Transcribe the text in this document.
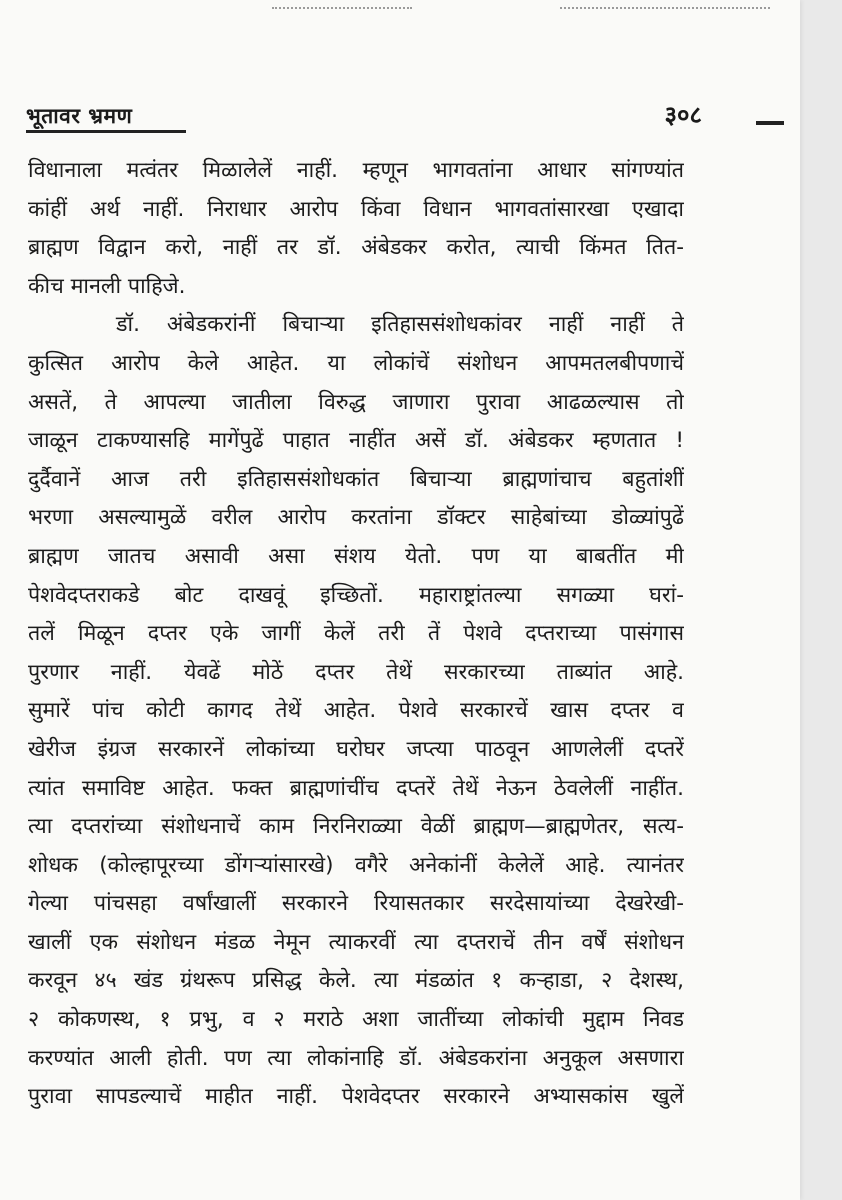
भूतावर भ्रमण	३०८
विधानाला मत्वंतर मिळालेलें नाहीं. म्हणून भागवतांना आधार सांगण्यांत
कांहीं अर्थ नाहीं. निराधार आरोप किंवा विधान भागवतांसारखा एखादा
ब्राह्मण विद्वान करो, नाहीं तर डॉ. अंबेडकर करोत, त्याची किंमत तित-
कीच मानली पाहिजे.
डॉ. अंबेडकरांनीं बिचाऱ्या इतिहाससंशोधकांवर नाहीं नाहीं ते
कुत्सित आरोप केले आहेत. या लोकांचें संशोधन आपमतलबीपणाचें
असतें, ते आपल्या जातीला विरुद्ध जाणारा पुरावा आढळल्यास तो
जाळून टाकण्यासहि मागेंपुढें पाहात नाहींत असें डॉ. अंबेडकर म्हणतात !
दुर्दैवानें आज तरी इतिहाससंशोधकांत बिचाऱ्या ब्राह्मणांचाच बहुतांशीं
भरणा असल्यामुळें वरील आरोप करतांना डॉक्टर साहेबांच्या डोळ्यांपुढें
ब्राह्मण जातच असावी असा संशय येतो. पण या बाबतींत मी
पेशवेदप्तराकडे बोट दाखवूं इच्छितों. महाराष्ट्रांतल्या सगळ्या घरां-
तलें मिळून दप्तर एके जागीं केलें तरी तें पेशवे दप्तराच्या पासंगास
पुरणार नाहीं. येवढें मोठें दप्तर तेथें सरकारच्या ताब्यांत आहे.
सुमारें पांच कोटी कागद तेथें आहेत. पेशवे सरकारचें खास दप्तर व
खेरीज इंग्रज सरकारनें लोकांच्या घरोघर जप्त्या पाठवून आणलेलीं दप्तरें
त्यांत समाविष्ट आहेत. फक्त ब्राह्मणांचींच दप्तरें तेथें नेऊन ठेवलेलीं नाहींत.
त्या दप्तरांच्या संशोधनाचें काम निरनिराळ्या वेळीं ब्राह्मण—ब्राह्मणेतर, सत्य-
शोधक (कोल्हापूरच्या डोंगऱ्यांसारखे) वगैरे अनेकांनीं केलेलें आहे. त्यानंतर
गेल्या पांचसहा वर्षांखालीं सरकारने रियासतकार सरदेसायांच्या देखरेखी-
खालीं एक संशोधन मंडळ नेमून त्याकरवीं त्या दप्तराचें तीन वर्षें संशोधन
करवून ४५ खंड ग्रंथरूप प्रसिद्ध केले. त्या मंडळांत १ कऱ्हाडा, २ देशस्थ,
२ कोकणस्थ, १ प्रभु, व २ मराठे अशा जातींच्या लोकांची मुद्दाम निवड
करण्यांत आली होती. पण त्या लोकांनाहि डॉ. अंबेडकरांना अनुकूल असणारा
पुरावा सापडल्याचें माहीत नाहीं. पेशवेदप्तर सरकारने अभ्यासकांस खुलें
